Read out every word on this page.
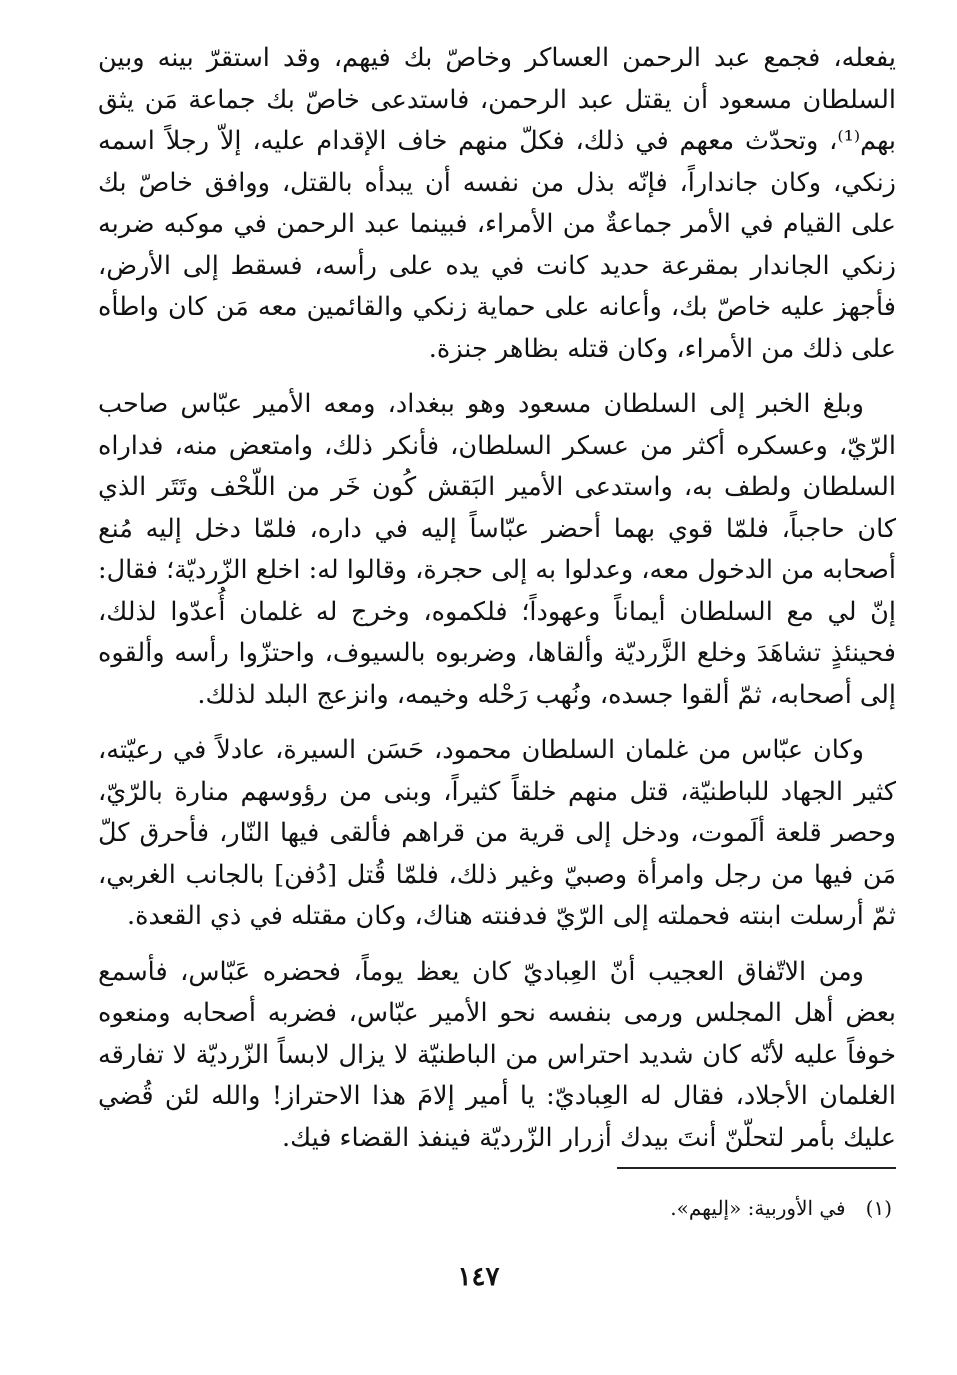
يفعله، فجمع عبد الرحمن العساكر وخاصّ بك فيهم، وقد استقرّ بينه وبين السلطان مسعود أن يقتل عبد الرحمن، فاستدعى خاصّ بك جماعة مَن يثق بهم⁽¹⁾، وتحدّث معهم في ذلك، فكلّ منهم خاف الإقدام عليه، إلاّ رجلاً اسمه زنكي، وكان جانداراً، فإنّه بذل من نفسه أن يبدأه بالقتل، ووافق خاصّ بك على القيام في الأمر جماعةٌ من الأمراء، فبينما عبد الرحمن في موكبه ضربه زنكي الجاندار بمقرعة حديد كانت في يده على رأسه، فسقط إلى الأرض، فأجهز عليه خاصّ بك، وأعانه على حماية زنكي والقائمين معه مَن كان واطأه على ذلك من الأمراء، وكان قتله بظاهر جنزة.

وبلغ الخبر إلى السلطان مسعود وهو ببغداد، ومعه الأمير عبّاس صاحب الرّيّ، وعسكره أكثر من عسكر السلطان، فأنكر ذلك، وامتعض منه، فداراه السلطان ولطف به، واستدعى الأمير البَقش كُون خَر من اللّحْف وتَتَر الذي كان حاجباً، فلمّا قوي بهما أحضر عبّاساً إليه في داره، فلمّا دخل إليه مُنع أصحابه من الدخول معه، وعدلوا به إلى حجرة، وقالوا له: اخلع الزّرديّة؛ فقال: إنّ لي مع السلطان أيماناً وعهوداً؛ فلكموه، وخرج له غلمان أُعدّوا لذلك، فحينئذٍ تشاهَدَ وخلع الزَّرديّة وألقاها، وضربوه بالسيوف، واحتزّوا رأسه وألقوه إلى أصحابه، ثمّ ألقوا جسده، ونُهب رَحْله وخيمه، وانزعج البلد لذلك.

وكان عبّاس من غلمان السلطان محمود، حَسَن السيرة، عادلاً في رعيّته، كثير الجهاد للباطنيّة، قتل منهم خلقاً كثيراً، وبنى من رؤوسهم منارة بالرّيّ، وحصر قلعة ألَموت، ودخل إلى قرية من قراهم فألقى فيها النّار، فأحرق كلّ مَن فيها من رجل وامرأة وصبيّ وغير ذلك، فلمّا قُتل [دُفن] بالجانب الغربي، ثمّ أرسلت ابنته فحملته إلى الرّيّ فدفنته هناك، وكان مقتله في ذي القعدة.

ومن الاتّفاق العجيب أنّ العِباديّ كان يعظ يوماً، فحضره عَبّاس، فأسمع بعض أهل المجلس ورمى بنفسه نحو الأمير عبّاس، فضربه أصحابه ومنعوه خوفاً عليه لأنّه كان شديد احتراس من الباطنيّة لا يزال لابساً الزّرديّة لا تفارقه الغلمان الأجلاد، فقال له العِباديّ: يا أمير إلامَ هذا الاحتراز! والله لئن قُضي عليك بأمر لتحلّنّ أنتَ بيدك أزرار الزّرديّة فينفذ القضاء فيك.

(١)في الأوربية: «إليهم».
١٤٧
